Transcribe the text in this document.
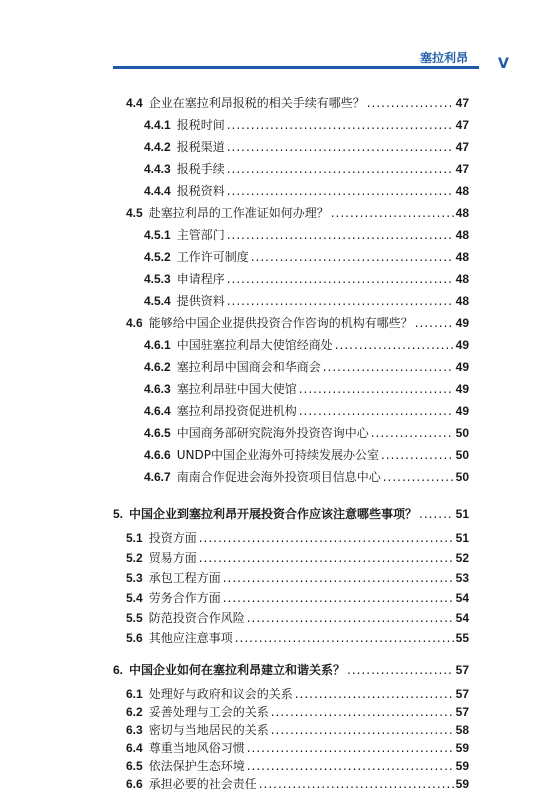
塞拉利昂 V
4.4 企业在塞拉利昂报税的相关手续有哪些？ .....	47
4.4.1 报税时间 .....	47
4.4.2 报税渠道 .....	47
4.4.3 报税手续 .....	47
4.4.4 报税资料 .....	48
4.5 赴塞拉利昂的工作准证如何办理？ .....	48
4.5.1 主管部门 .....	48
4.5.2 工作许可制度 .....	48
4.5.3 申请程序 .....	48
4.5.4 提供资料 .....	48
4.6 能够给中国企业提供投资合作咨询的机构有哪些？ .....	49
4.6.1 中国驻塞拉利昂大使馆经商处 .....	49
4.6.2 塞拉利昂中国商会和华商会 .....	49
4.6.3 塞拉利昂驻中国大使馆 .....	49
4.6.4 塞拉利昂投资促进机构 .....	49
4.6.5 中国商务部研究院海外投资咨询中心 .....	50
4.6.6 UNDP中国企业海外可持续发展办公室 .....	50
4.6.7 南南合作促进会海外投资项目信息中心 .....	50
5. 中国企业到塞拉利昂开展投资合作应该注意哪些事项？ .....	51
5.1 投资方面 .....	51
5.2 贸易方面 .....	52
5.3 承包工程方面 .....	53
5.4 劳务合作方面 .....	54
5.5 防范投资合作风险 .....	54
5.6 其他应注意事项 .....	55
6. 中国企业如何在塞拉利昂建立和谐关系？ .....	57
6.1 处理好与政府和议会的关系 .....	57
6.2 妥善处理与工会的关系 .....	57
6.3 密切与当地居民的关系 .....	58
6.4 尊重当地风俗习惯 .....	59
6.5 依法保护生态环境 .....	59
6.6 承担必要的社会责任 .....	59
